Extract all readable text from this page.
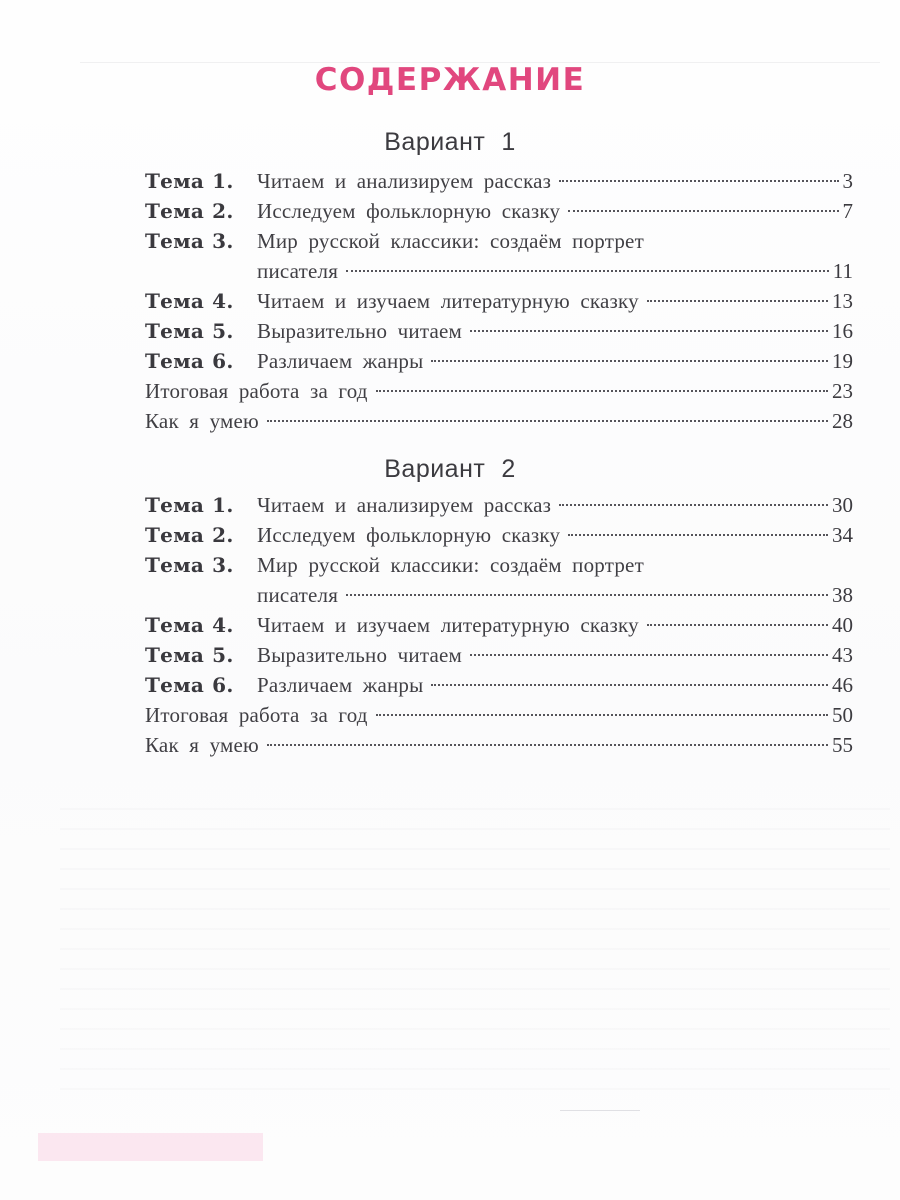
СОДЕРЖАНИЕ
Вариант 1
Тема 1.	Читаем и анализируем рассказ	3
Тема 2.	Исследуем фольклорную сказку	7
Тема 3.	Мир русской классики: создаём портрет
писателя	11
Тема 4.	Читаем и изучаем литературную сказку	13
Тема 5.	Выразительно читаем	16
Тема 6.	Различаем жанры	19
Итоговая работа за год	23
Как я умею	28
Вариант 2
Тема 1.	Читаем и анализируем рассказ	30
Тема 2.	Исследуем фольклорную сказку	34
Тема 3.	Мир русской классики: создаём портрет
писателя	38
Тема 4.	Читаем и изучаем литературную сказку	40
Тема 5.	Выразительно читаем	43
Тема 6.	Различаем жанры	46
Итоговая работа за год	50
Как я умею	55
